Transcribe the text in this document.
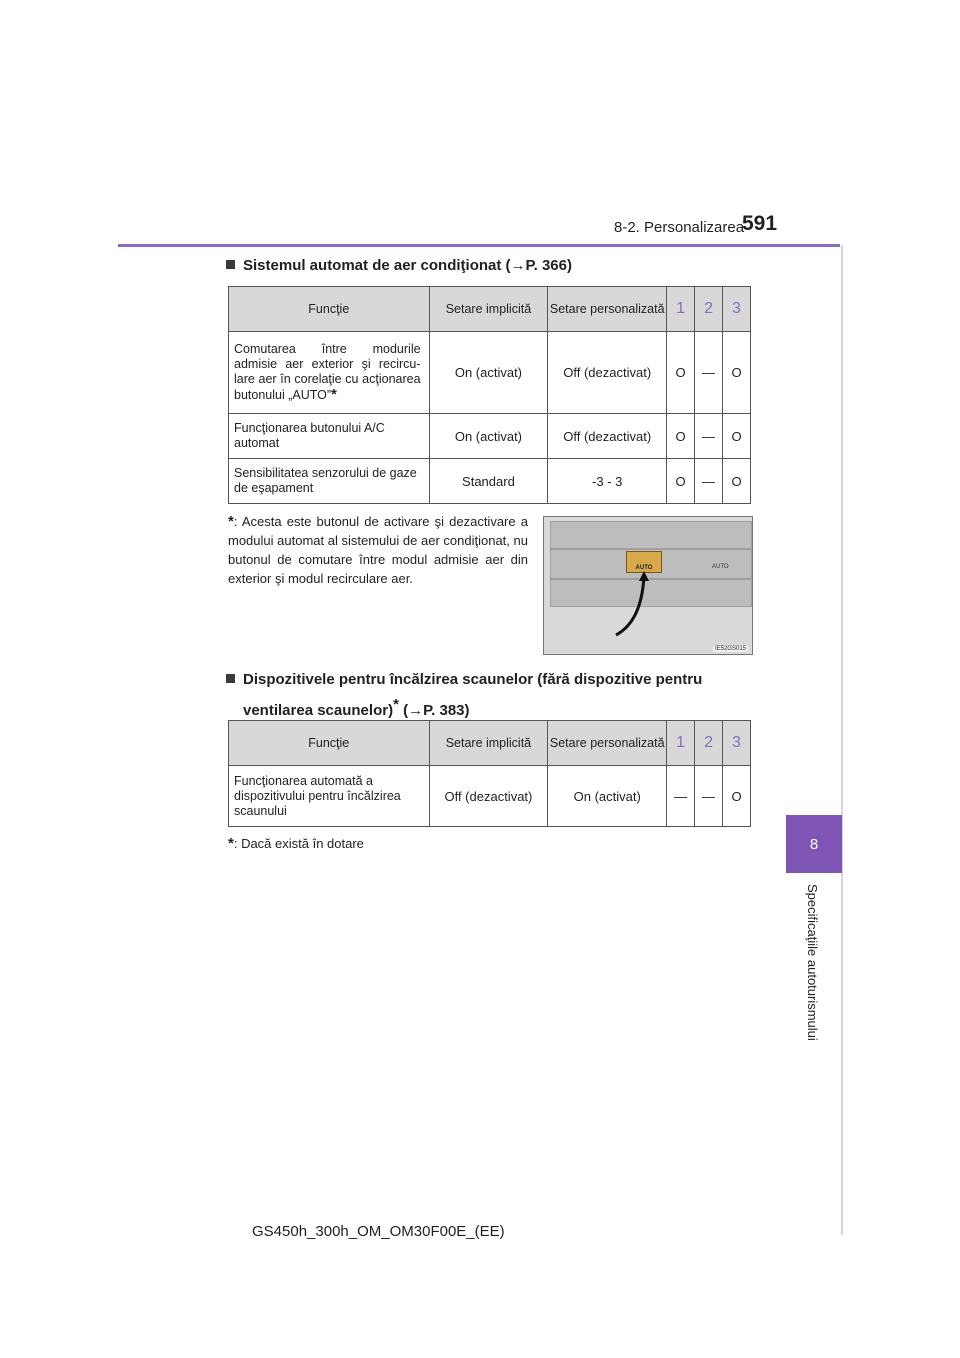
8-2. Personalizarea
591
8
Specificaţiile autoturismului
Sistemul automat de aer condiţionat (→P. 366)
Funcţie	Setare implicită	Setare personalizată	1	2	3
Comutarea între modurile admisie aer exterior şi recircu-lare aer în corelaţie cu acţionarea butonului „AUTO”*	On (activat)	Off (dezactivat)	O	—	O
Funcţionarea butonului A/C automat	On (activat)	Off (dezactivat)	O	—	O
Sensibilitatea senzorului de gaze de eşapament	Standard	-3 - 3	O	—	O
*: Acesta este butonul de activare şi dezactivare a modului automat al sistemului de aer condiţionat, nu butonul de comutare între modul admisie aer din exterior şi modul recirculare aer.
AUTO	AUTO
IE52GS015
Dispozitivele pentru încălzirea scaunelor (fără dispozitive pentru
ventilarea scaunelor)* (→P. 383)
Funcţie	Setare implicită	Setare personalizată	1	2	3
Funcţionarea automată a dispozitivului pentru încălzirea scaunului	Off (dezactivat)	On (activat)	—	—	O
*: Dacă există în dotare
GS450h_300h_OM_OM30F00E_(EE)
